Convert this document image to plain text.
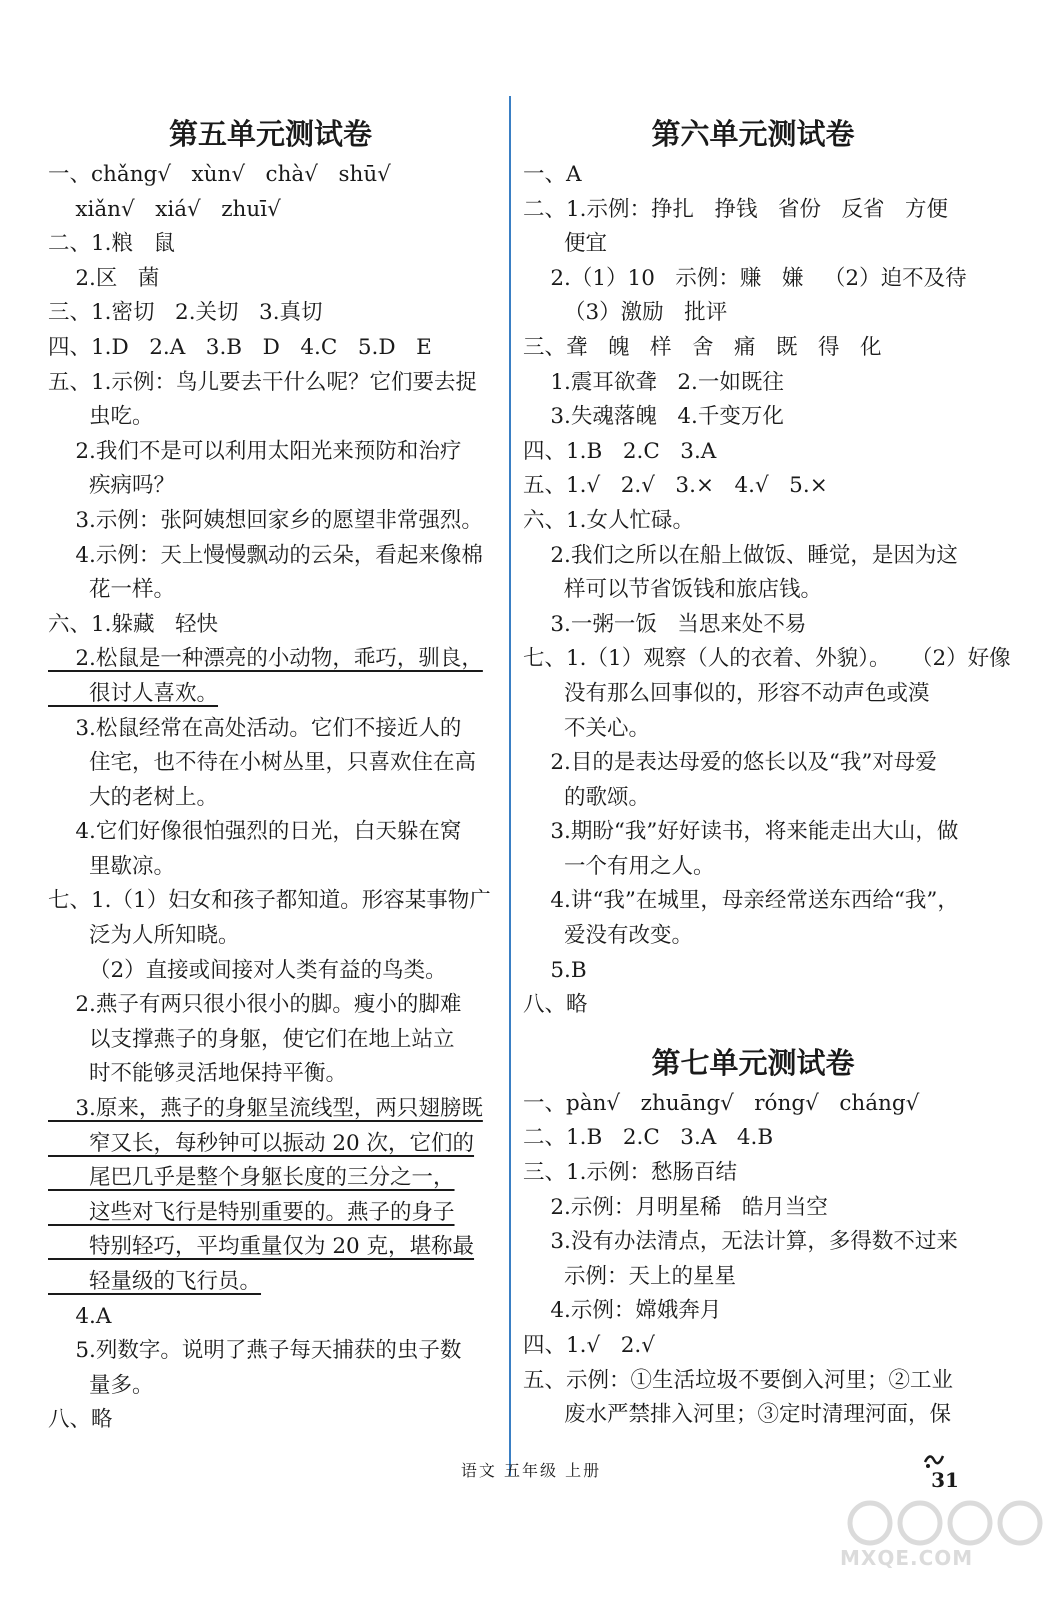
第五单元测试卷
一、chǎng√   xùn√   chà√   shū√
xiǎn√   xiá√   zhuī√
二、1.粮   鼠
2.区   菌
三、1.密切   2.关切   3.真切
四、1.D   2.A   3.B   D   4.C   5.D   E
五、1.示例：鸟儿要去干什么呢？它们要去捉
虫吃。
2.我们不是可以利用太阳光来预防和治疗
疾病吗？
3.示例：张阿姨想回家乡的愿望非常强烈。
4.示例：天上慢慢飘动的云朵，看起来像棉
花一样。
六、1.躲藏   轻快
2.松鼠是一种漂亮的小动物，乖巧，驯良，
很讨人喜欢。
3.松鼠经常在高处活动。它们不接近人的
住宅，也不待在小树丛里，只喜欢住在高
大的老树上。
4.它们好像很怕强烈的日光，白天躲在窝
里歇凉。
七、1.（1）妇女和孩子都知道。形容某事物广
泛为人所知晓。
（2）直接或间接对人类有益的鸟类。
2.燕子有两只很小很小的脚。瘦小的脚难
以支撑燕子的身躯，使它们在地上站立
时不能够灵活地保持平衡。
3.原来，燕子的身躯呈流线型，两只翅膀既
窄又长，每秒钟可以振动 20 次，它们的
尾巴几乎是整个身躯长度的三分之一，
这些对飞行是特别重要的。燕子的身子
特别轻巧，平均重量仅为 20 克，堪称最
轻量级的飞行员。
4.A
5.列数字。说明了燕子每天捕获的虫子数
量多。
八、略
第六单元测试卷
一、A
二、1.示例：挣扎   挣钱   省份   反省   方便
便宜
2.（1）10   示例：赚   嫌   （2）迫不及待
（3）激励   批评
三、聋   魄   样   舍   痛   既   得   化
1.震耳欲聋   2.一如既往
3.失魂落魄   4.千变万化
四、1.B   2.C   3.A
五、1.√   2.√   3.×   4.√   5.×
六、1.女人忙碌。
2.我们之所以在船上做饭、睡觉，是因为这
样可以节省饭钱和旅店钱。
3.一粥一饭   当思来处不易
七、1.（1）观察（人的衣着、外貌）。   （2）好像
没有那么回事似的，形容不动声色或漠
不关心。
2.目的是表达母爱的悠长以及“我”对母爱
的歌颂。
3.期盼“我”好好读书，将来能走出大山，做
一个有用之人。
4.讲“我”在城里，母亲经常送东西给“我”，
爱没有改变。
5.B
八、略
第七单元测试卷
一、pàn√   zhuāng√   róng√   cháng√
二、1.B   2.C   3.A   4.B
三、1.示例：愁肠百结
2.示例：月明星稀   皓月当空
3.没有办法清点，无法计算，多得数不过来
示例：天上的星星
4.示例：嫦娥奔月
四、1.√   2.√
五、示例：①生活垃圾不要倒入河里；②工业
废水严禁排入河里；③定时清理河面，保
语文 五年级 上册	31
MXQE.COM
